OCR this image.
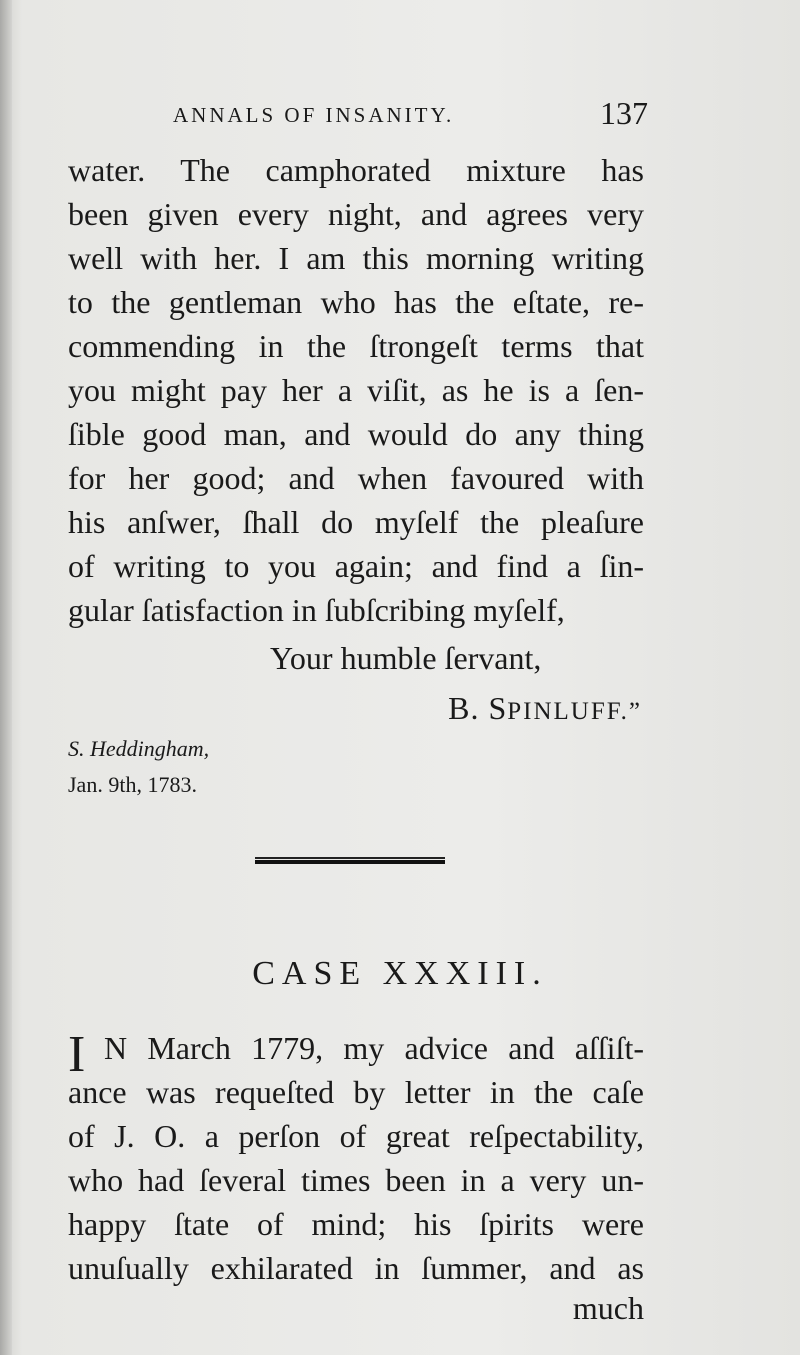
ANNALS OF INSANITY.	137
water. The camphorated mixture has
been given every night, and agrees very
well with her. I am this morning writing
to the gentleman who has the eſtate, re-
commending in the ſtrongeſt terms that
you might pay her a viſit, as he is a ſen-
ſible good man, and would do any thing
for her good; and when favoured with
his anſwer, ſhall do myſelf the pleaſure
of writing to you again; and find a ſin-
gular ſatisfaction in ſubſcribing myſelf,
Your humble ſervant,
B. SPINLUFF.”
S. Heddingham,
Jan. 9th, 1783.
CASE XXXIII.
I N March 1779, my advice and aſſiſt-
ance was requeſted by letter in the caſe
of J. O. a perſon of great reſpectability,
who had ſeveral times been in a very un-
happy ſtate of mind; his ſpirits were
unuſually exhilarated in ſummer, and as
much
